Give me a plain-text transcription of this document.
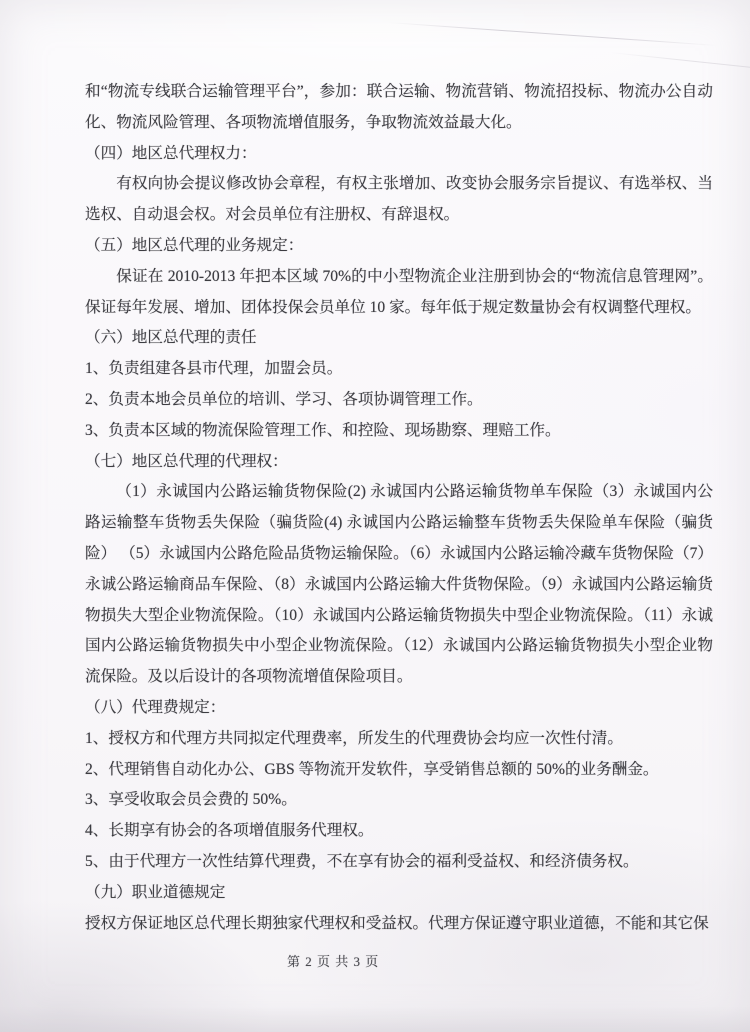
和“物流专线联合运输管理平台”，参加：联合运输、物流营销、物流招投标、物流办公自动化、物流风险管理、各项物流增值服务，争取物流效益最大化。

（四）地区总代理权力：

有权向协会提议修改协会章程，有权主张增加、改变协会服务宗旨提议、有选举权、当选权、自动退会权。对会员单位有注册权、有辞退权。

（五）地区总代理的业务规定：

保证在 2010-2013 年把本区域 70%的中小型物流企业注册到协会的“物流信息管理网”。保证每年发展、增加、团体投保会员单位 10 家。每年低于规定数量协会有权调整代理权。

（六）地区总代理的责任

1、负责组建各县市代理，加盟会员。

2、负责本地会员单位的培训、学习、各项协调管理工作。

3、负责本区域的物流保险管理工作、和控险、现场勘察、理赔工作。

（七）地区总代理的代理权：

（1）永诚国内公路运输货物保险(2) 永诚国内公路运输货物单车保险（3）永诚国内公路运输整车货物丢失保险（骗货险(4) 永诚国内公路运输整车货物丢失保险单车保险（骗货险） （5）永诚国内公路危险品货物运输保险。（6）永诚国内公路运输冷藏车货物保险（7）永诚公路运输商品车保险、（8）永诚国内公路运输大件货物保险。（9）永诚国内公路运输货物损失大型企业物流保险。（10）永诚国内公路运输货物损失中型企业物流保险。（11）永诚国内公路运输货物损失中小型企业物流保险。（12）永诚国内公路运输货物损失小型企业物流保险。及以后设计的各项物流增值保险项目。

（八）代理费规定：

1、授权方和代理方共同拟定代理费率，所发生的代理费协会均应一次性付清。

2、代理销售自动化办公、GBS 等物流开发软件，享受销售总额的 50%的业务酬金。

3、享受收取会员会费的 50%。

4、长期享有协会的各项增值服务代理权。

5、由于代理方一次性结算代理费，不在享有协会的福利受益权、和经济债务权。

（九）职业道德规定

授权方保证地区总代理长期独家代理权和受益权。代理方保证遵守职业道德，不能和其它保

第 2 页 共 3 页
